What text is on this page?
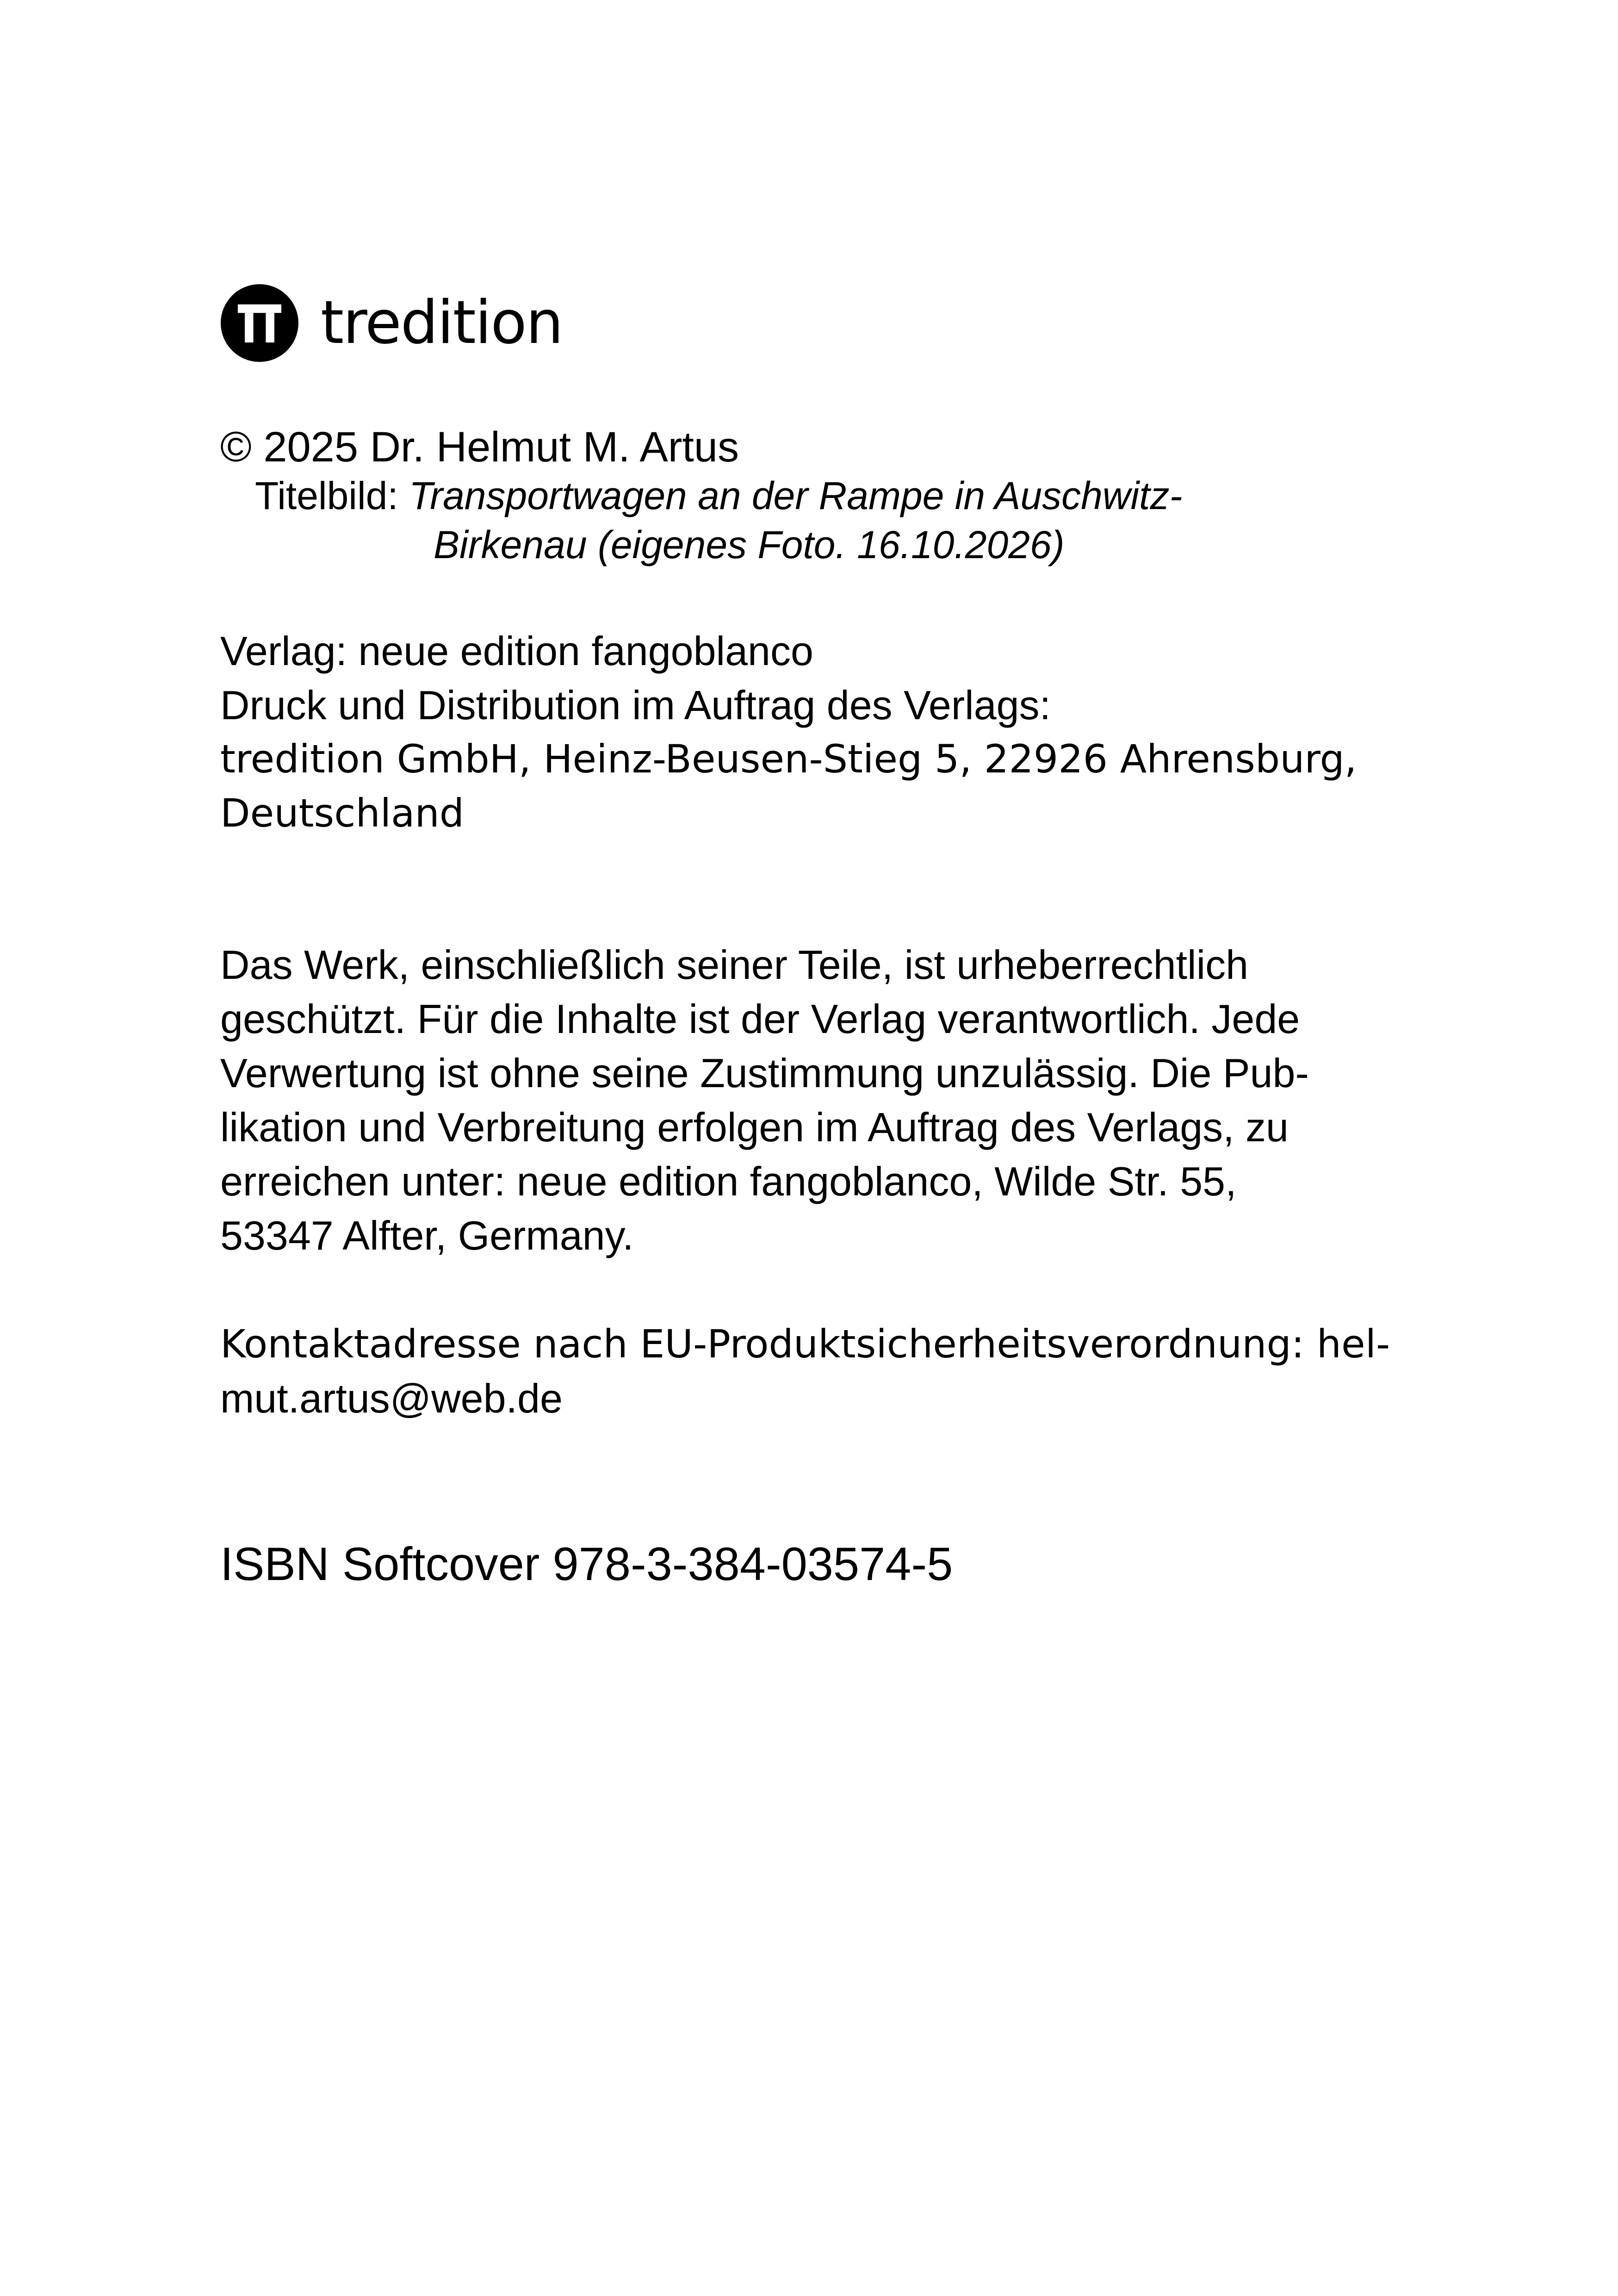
tredition
© 2025 Dr. Helmut M. Artus
Titelbild: Transportwagen an der Rampe in Auschwitz-
Birkenau (eigenes Foto. 16.10.2026)
Verlag: neue edition fangoblanco
Druck und Distribution im Auftrag des Verlags:
tredition GmbH, Heinz-Beusen-Stieg 5, 22926 Ahrensburg,
Deutschland
Das Werk, einschließlich seiner Teile, ist urheberrechtlich
geschützt. Für die Inhalte ist der Verlag verantwortlich. Jede
Verwertung ist ohne seine Zustimmung unzulässig. Die Pub-
likation und Verbreitung erfolgen im Auftrag des Verlags, zu
erreichen unter: neue edition fangoblanco, Wilde Str. 55,
53347 Alfter, Germany.
Kontaktadresse nach EU-Produktsicherheitsverordnung: hel-
mut.artus@web.de
ISBN Softcover 978-3-384-03574-5
